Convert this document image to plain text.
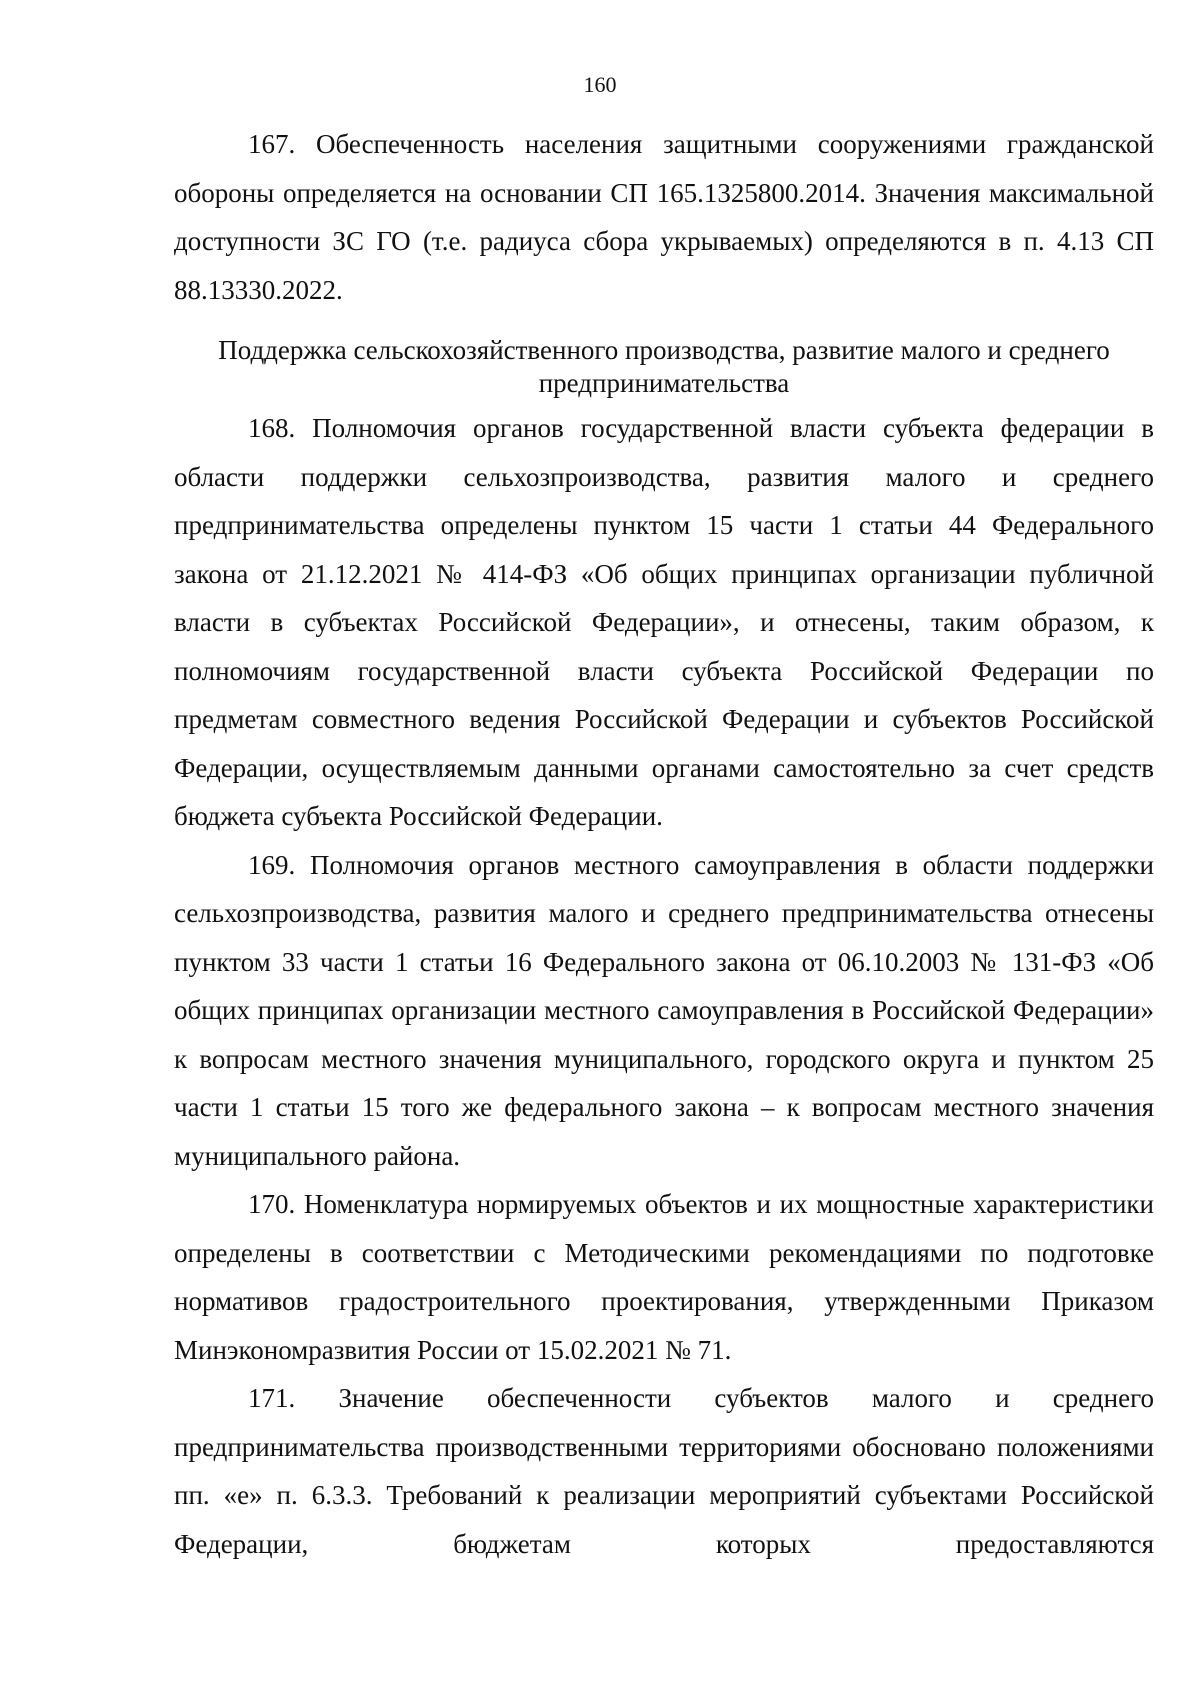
160

167. Обеспеченность населения защитными сооружениями гражданской обороны определяется на основании СП 165.1325800.2014. Значения максимальной доступности ЗС ГО (т.е. радиуса сбора укрываемых) определяются в п. 4.13 СП 88.13330.2022.

Поддержка сельскохозяйственного производства, развитие малого и среднего предпринимательства

168. Полномочия органов государственной власти субъекта федерации в области поддержки сельхозпроизводства, развития малого и среднего предпринимательства определены пунктом 15 части 1 статьи 44 Федерального закона от 21.12.2021 № 414-ФЗ «Об общих принципах организации публичной власти в субъектах Российской Федерации», и отнесены, таким образом, к полномочиям государственной власти субъекта Российской Федерации по предметам совместного ведения Российской Федерации и субъектов Российской Федерации, осуществляемым данными органами самостоятельно за счет средств бюджета субъекта Российской Федерации.

169. Полномочия органов местного самоуправления в области поддержки сельхозпроизводства, развития малого и среднего предпринимательства отнесены пунктом 33 части 1 статьи 16 Федерального закона от 06.10.2003 № 131-ФЗ «Об общих принципах организации местного самоуправления в Российской Федерации» к вопросам местного значения муниципального, городского округа и пунктом 25 части 1 статьи 15 того же федерального закона – к вопросам местного значения муниципального района.

170. Номенклатура нормируемых объектов и их мощностные характеристики определены в соответствии с Методическими рекомендациями по подготовке нормативов градостроительного проектирования, утвержденными Приказом Минэкономразвития России от 15.02.2021 № 71.

171. Значение обеспеченности субъектов малого и среднего предпринимательства производственными территориями обосновано положениями пп. «е» п. 6.3.3. Требований к реализации мероприятий субъектами Российской Федерации, бюджетам которых предоставляются
